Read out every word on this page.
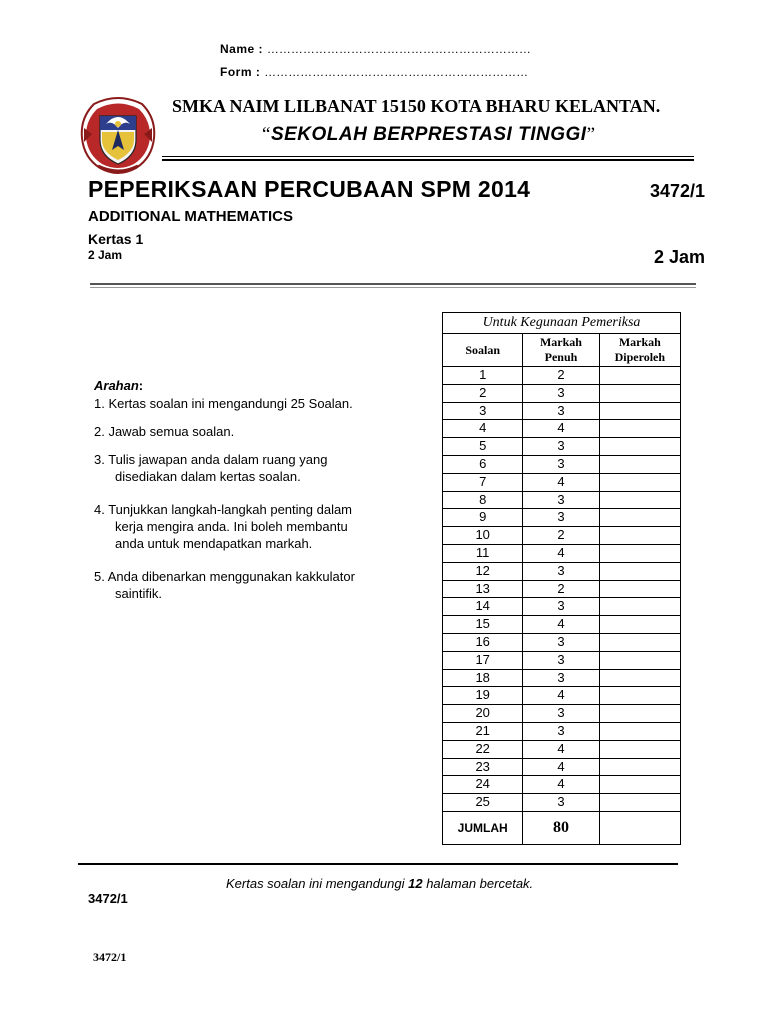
Name : …………………………………………………………
Form : …………………………………………………………
SMKA NAIM LILBANAT 15150 KOTA BHARU KELANTAN.
“SEKOLAH BERPRESTASI TINGGI”
PEPERIKSAAN PERCUBAAN SPM 2014	3472/1
ADDITIONAL MATHEMATICS
Kertas 1
2 Jam	2 Jam
Arahan:
1. Kertas soalan ini mengandungi 25 Soalan.
2. Jawab semua soalan.
3. Tulis jawapan anda dalam ruang yang
disediakan dalam kertas soalan.
4. Tunjukkan langkah-langkah penting dalam
kerja mengira anda. Ini boleh membantu
anda untuk mendapatkan markah.
5. Anda dibenarkan menggunakan kakkulator
saintifik.
Untuk Kegunaan Pemeriksa		
Soalan	Markah Penuh	Markah Diperoleh
1	2	
2	3	
3	3	
4	4	
5	3	
6	3	
7	4	
8	3	
9	3	
10	2	
11	4	
12	3	
13	2	
14	3	
15	4	
16	3	
17	3	
18	3	
19	4	
20	3	
21	3	
22	4	
23	4	
24	4	
25	3	
JUMLAH	80	
Kertas soalan ini mengandungi 12 halaman bercetak.
3472/1
3472/1
